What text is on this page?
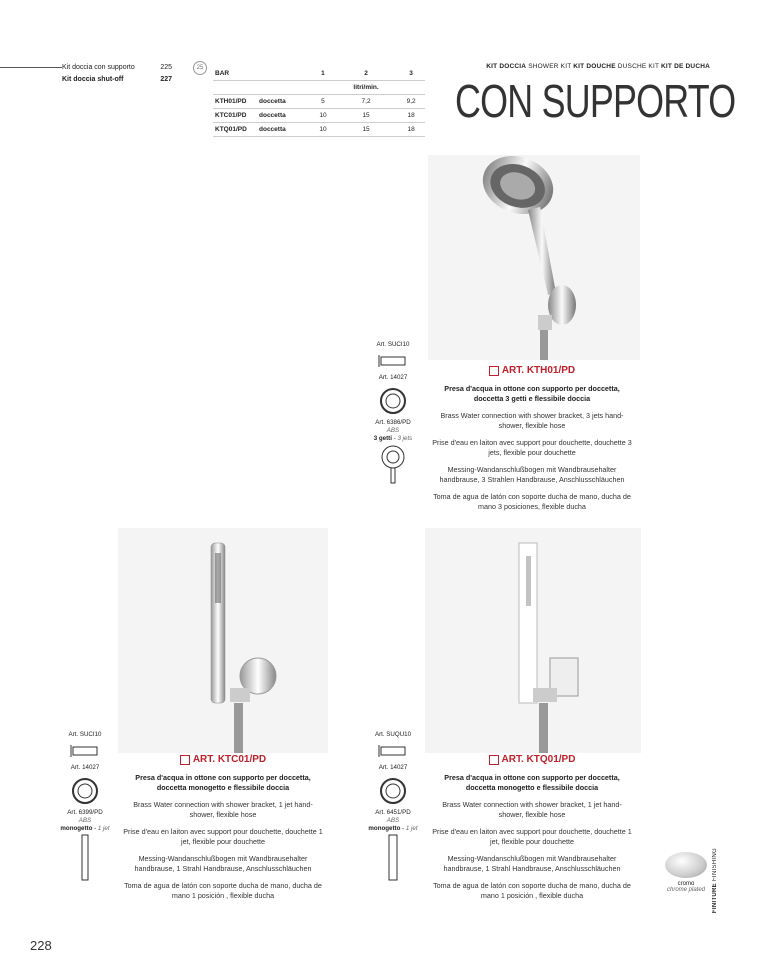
Kit doccia con supporto	225
Kit doccia shut-off	227
25
BAR		1	2	3
			litri/min.	
KTH01/PD	doccetta	5	7,2	9,2
KTC01/PD	doccetta	10	15	18
KTQ01/PD	doccetta	10	15	18
KIT DOCCIA SHOWER KIT KIT DOUCHE DUSCHE KIT KIT DE DUCHA
CON SUPPORTO
ART. KTH01/PD
Presa d'acqua in ottone con supporto per doccetta, doccetta 3 getti e flessibile doccia
Brass Water connection with shower bracket, 3 jets hand-shower, flexible hose
Prise d'eau en laiton avec support pour douchette, douchette 3 jets, flexible pour douchette
Messing-Wandanschlußbogen mit Wandbrausehalter handbrause, 3 Strahlen Handbrause, Anschlusschläuchen
Toma de agua de latón con soporte ducha de mano, ducha de mano 3 posiciones, flexible ducha
ART. KTC01/PD
Presa d'acqua in ottone con supporto per doccetta, doccetta monogetto e flessibile doccia
Brass Water connection with shower bracket, 1 jet hand-shower, flexible hose
Prise d'eau en laiton avec support pour douchette, douchette 1 jet, flexible pour douchette
Messing-Wandanschlußbogen mit Wandbrausehalter handbrause, 1 Strahl Handbrause, Anschlusschläuchen
Toma de agua de latón con soporte ducha de mano, ducha de mano 1 posición , flexible ducha
ART. KTQ01/PD
Presa d'acqua in ottone con supporto per doccetta, doccetta monogetto e flessibile doccia
Brass Water connection with shower bracket, 1 jet hand-shower, flexible hose
Prise d'eau en laiton avec support pour douchette, douchette 1 jet, flexible pour douchette
Messing-Wandanschlußbogen mit Wandbrausehalter handbrause, 1 Strahl Handbrause, Anschlusschläuchen
Toma de agua de latón con soporte ducha de mano, ducha de mano 1 posición , flexible ducha
Art. SUCI10
Art. 14027
Art. 6386/PD
ABS
3 getti - 3 jets
Art. SUCI10
Art. 14027
Art. 6399/PD
ABS
monogetto - 1 jet
Art. SUQU10
Art. 14027
Art. 6451/PD
ABS
monogetto - 1 jet
cromo
chrome plated	FINITURE FINISHING
228
